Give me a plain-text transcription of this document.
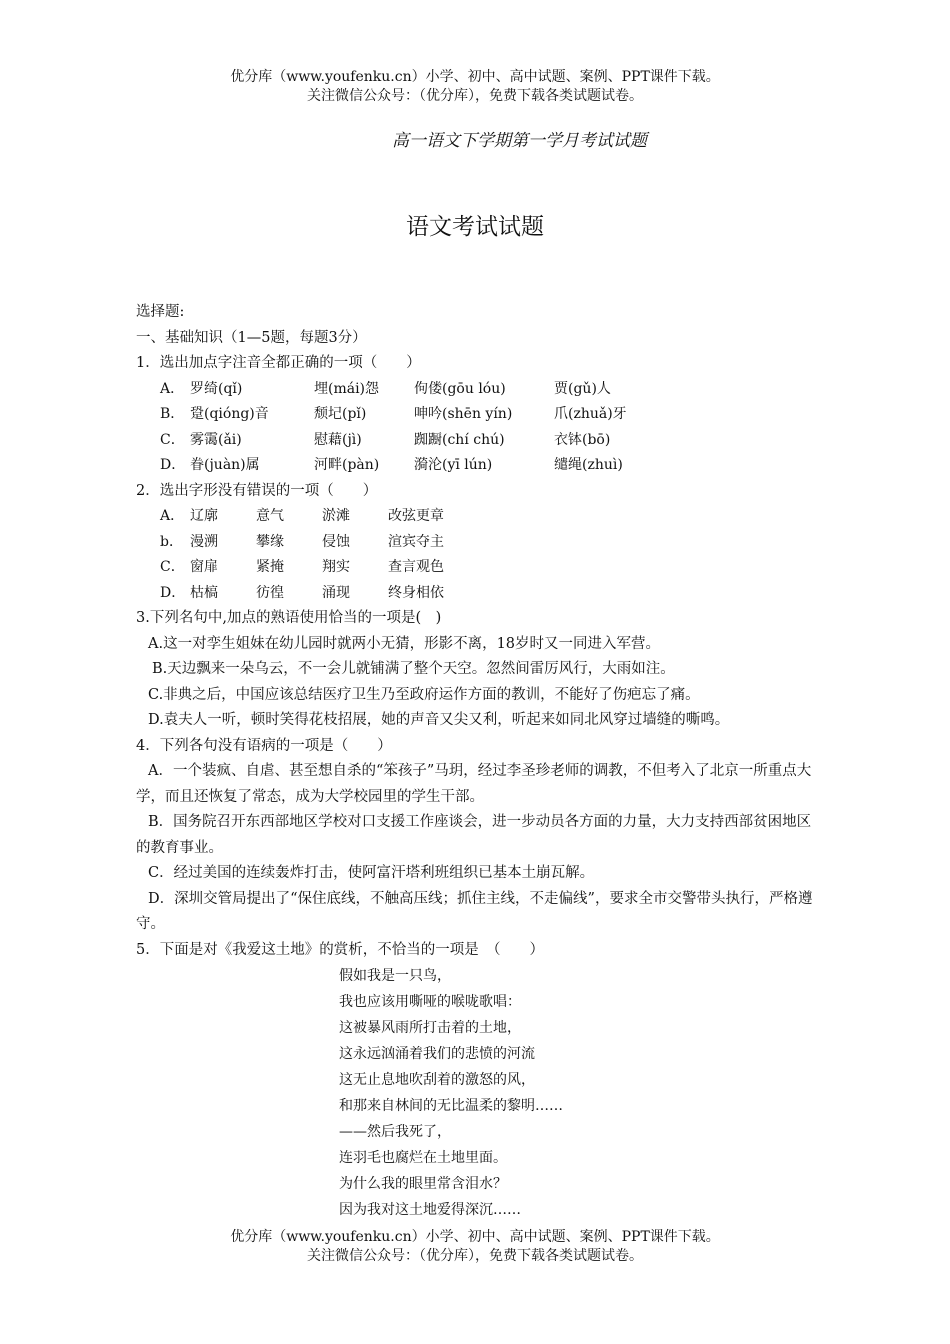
优分库（www.youfenku.cn）小学、初中、高中试题、案例、PPT课件下载。

关注微信公众号：（优分库），免费下载各类试题试卷。

高一语文下学期第一学月考试试题
语文考试试题
选择题:
一、基础知识（1—5题，每题3分）
1．选出加点字注音全都正确的一项（　　）
A． 罗绮(qǐ)	埋(mái)怨	佝偻(gōu lóu)	贾(gǔ)人
B． 跫(qióng)音	颓圮(pǐ)	呻吟(shēn yín)	爪(zhuǎ)牙
C． 雾霭(ǎi)	慰藉(jì)	踟蹰(chí chú)	衣钵(bō)
D． 眷(juàn)属	河畔(pàn)	漪沦(yī lún)	缱绳(zhuì)
2．选出字形没有错误的一项（　　）
A． 辽廓	意气	淤滩	改弦更章
b． 漫溯	攀缘	侵蚀	渲宾夺主
C． 窗扉	紧掩	翔实	查言观色
D． 枯槁	彷徨	涌现	终身相依
3.下列名句中,加点的熟语使用恰当的一项是(　)
A.这一对孪生姐妹在幼儿园时就两小无猜，形影不离，18岁时又一同进入军营。
B.天边飘来一朵乌云，不一会儿就铺满了整个天空。忽然间雷厉风行，大雨如注。
C.非典之后，中国应该总结医疗卫生乃至政府运作方面的教训，不能好了伤疤忘了痛。
D.袁夫人一听，顿时笑得花枝招展，她的声音又尖又利，听起来如同北风穿过墙缝的嘶鸣。
4．下列各句没有语病的一项是（　　）
A．一个装疯、自虐、甚至想自杀的“笨孩子”马玥，经过李圣珍老师的调教，不但考入了北京一所重点大学，而且还恢复了常态，成为大学校园里的学生干部。
B．国务院召开东西部地区学校对口支援工作座谈会，进一步动员各方面的力量，大力支持西部贫困地区的教育事业。
C．经过美国的连续轰炸打击，使阿富汗塔利班组织已基本土崩瓦解。
D．深圳交管局提出了“保住底线，不触高压线；抓住主线，不走偏线”，要求全市交警带头执行，严格遵守。
5．下面是对《我爱这土地》的赏析，不恰当的一项是　（　　）
假如我是一只鸟，
我也应该用嘶哑的喉咙歌唱：
这被暴风雨所打击着的土地，
这永远汹涌着我们的悲愤的河流
这无止息地吹刮着的激怒的风，
和那来自林间的无比温柔的黎明……
——然后我死了，
连羽毛也腐烂在土地里面。
为什么我的眼里常含泪水？
因为我对这土地爱得深沉……

优分库（www.youfenku.cn）小学、初中、高中试题、案例、PPT课件下载。

关注微信公众号：（优分库），免费下载各类试题试卷。
